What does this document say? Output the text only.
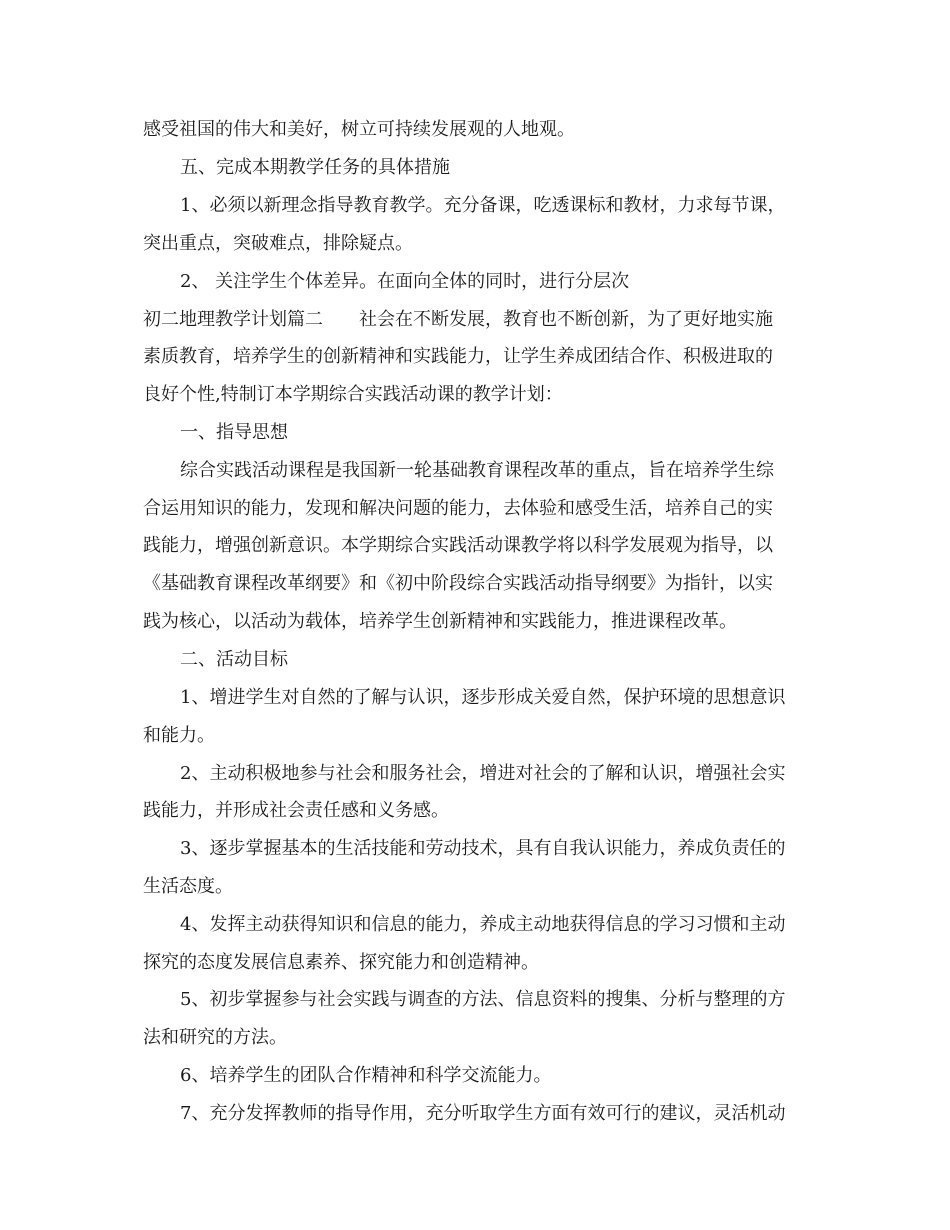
感受祖国的伟大和美好，树立可持续发展观的人地观。
五、完成本期教学任务的具体措施
1、必须以新理念指导教育教学。充分备课，吃透课标和教材，力求每节课，
突出重点，突破难点，排除疑点。
2、 关注学生个体差异。在面向全体的同时，进行分层次
初二地理教学计划篇二　　社会在不断发展，教育也不断创新，为了更好地实施
素质教育，培养学生的创新精神和实践能力，让学生养成团结合作、积极进取的
良好个性,特制订本学期综合实践活动课的教学计划：
一、指导思想
综合实践活动课程是我国新一轮基础教育课程改革的重点，旨在培养学生综
合运用知识的能力，发现和解决问题的能力，去体验和感受生活，培养自己的实
践能力，增强创新意识。本学期综合实践活动课教学将以科学发展观为指导，以
《基础教育课程改革纲要》和《初中阶段综合实践活动指导纲要》为指针，以实
践为核心，以活动为载体，培养学生创新精神和实践能力，推进课程改革。
二、活动目标
1、增进学生对自然的了解与认识，逐步形成关爱自然，保护环境的思想意识
和能力。
2、主动积极地参与社会和服务社会，增进对社会的了解和认识，增强社会实
践能力，并形成社会责任感和义务感。
3、逐步掌握基本的生活技能和劳动技术，具有自我认识能力，养成负责任的
生活态度。
4、发挥主动获得知识和信息的能力，养成主动地获得信息的学习习惯和主动
探究的态度发展信息素养、探究能力和创造精神。
5、初步掌握参与社会实践与调查的方法、信息资料的搜集、分析与整理的方
法和研究的方法。
6、培养学生的团队合作精神和科学交流能力。
7、充分发挥教师的指导作用，充分听取学生方面有效可行的建议，灵活机动
